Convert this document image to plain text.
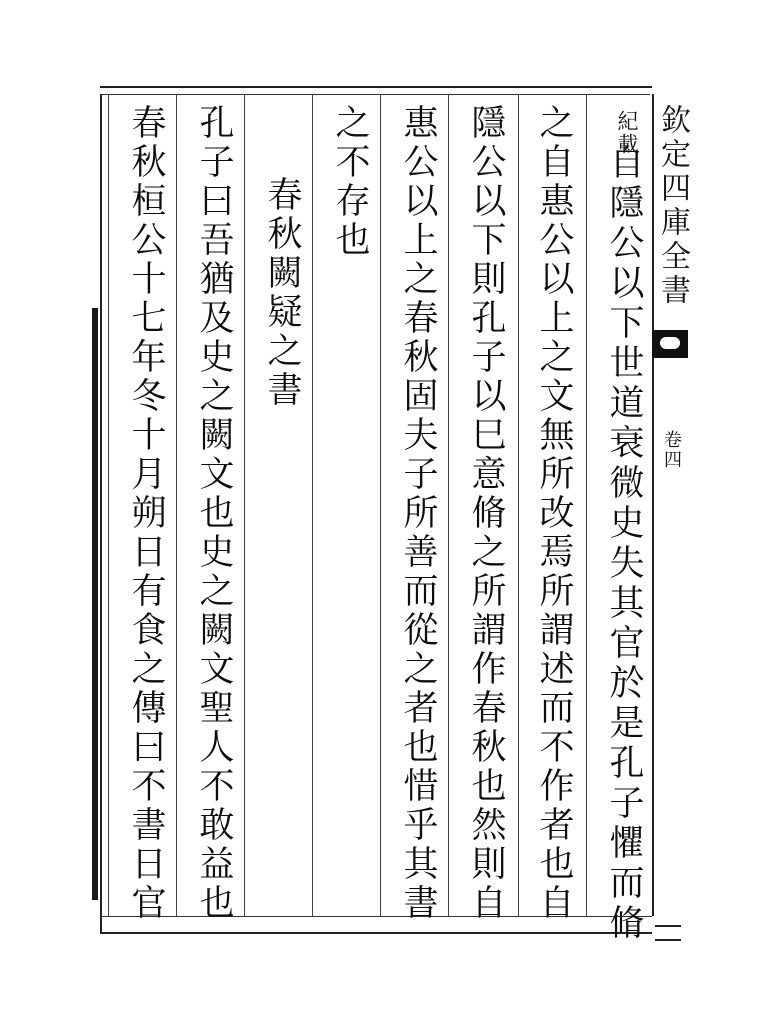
欽定四庫全書
卷四
紀載
自隱公以下世道衰微史失其官於是孔子懼而脩
之自惠公以上之文無所改焉所謂述而不作者也自
隱公以下則孔子以巳意脩之所謂作春秋也然則自
惠公以上之春秋固夫子所善而從之者也惜乎其書
之不存也
春秋闕疑之書
孔子曰吾猶及史之闕文也史之闕文聖人不敢益也
春秋桓公十七年冬十月朔日有食之傳曰不書日官
